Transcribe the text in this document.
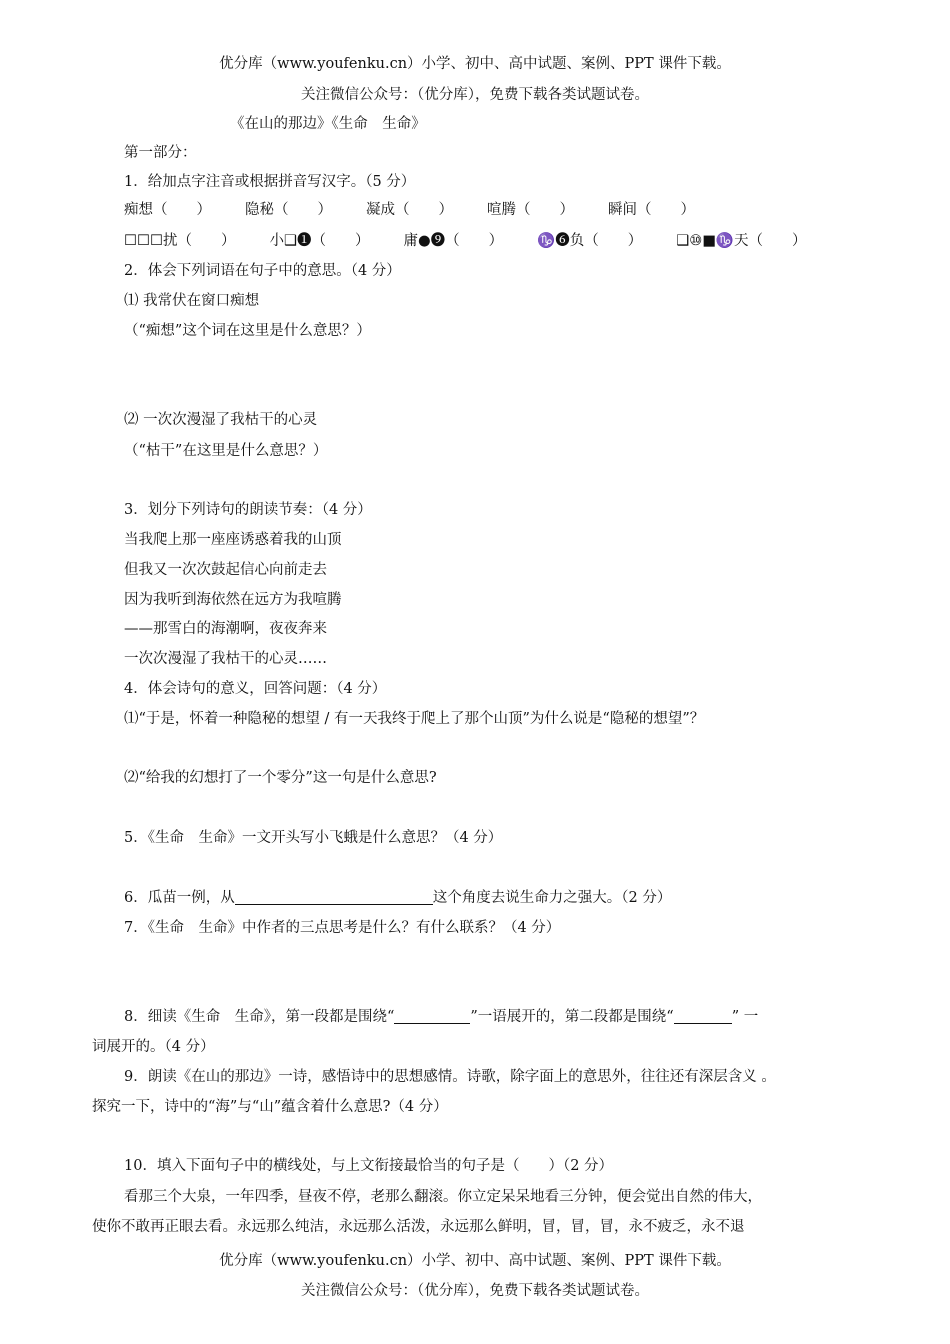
优分库（www.youfenku.cn）小学、初中、高中试题、案例、PPT 课件下载。
关注微信公众号：（优分库），免费下载各类试题试卷。
《在山的那边》《生命　生命》
第一部分：
1．给加点字注音或根据拼音写汉字。（5 分）
痴想（　　） 隐秘（　　） 凝成（　　） 喧腾（　　） 瞬间（　　）
☐☐☐扰（　　） 小❑❶（　　） 庸●❾（　　） ♑❻负（　　） ❑⑩■♑天（　　）
2．体会下列词语在句子中的意思。（4 分）
⑴ 我常伏在窗口痴想
（“痴想”这个词在这里是什么意思？）
⑵ 一次次漫湿了我枯干的心灵
（“枯干”在这里是什么意思？）
3．划分下列诗句的朗读节奏：（4 分）
当我爬上那一座座诱惑着我的山顶
但我又一次次鼓起信心向前走去
因为我听到海依然在远方为我喧腾
——那雪白的海潮啊，夜夜奔来
一次次漫湿了我枯干的心灵……
4．体会诗句的意义，回答问题：（4 分）
⑴“于是，怀着一种隐秘的想望 / 有一天我终于爬上了那个山顶”为什么说是“隐秘的想望”？
⑵“给我的幻想打了一个零分”这一句是什么意思?
5．《生命　生命》一文开头写小飞蛾是什么意思？（4 分）
6．瓜苗一例，从	这个角度去说生命力之强大。（2 分）
7．《生命　生命》中作者的三点思考是什么？有什么联系？（4 分）
8．细读《生命　生命》，第一段都是围绕“	”一语展开的，第二段都是围绕“	” 一
词展开的。（4 分）
9．朗读《在山的那边》一诗，感悟诗中的思想感情。诗歌，除字面上的意思外，往往还有深层含义 。
探究一下，诗中的“海”与“山”蕴含着什么意思?（4 分）
10．填入下面句子中的横线处，与上文衔接最恰当的句子是（　　）（2 分）
看那三个大泉，一年四季，昼夜不停，老那么翻滚。你立定呆呆地看三分钟，便会觉出自然的伟大，
使你不敢再正眼去看。永远那么纯洁，永远那么活泼，永远那么鲜明，冒，冒，冒，永不疲乏，永不退
优分库（www.youfenku.cn）小学、初中、高中试题、案例、PPT 课件下载。
关注微信公众号：（优分库），免费下载各类试题试卷。
